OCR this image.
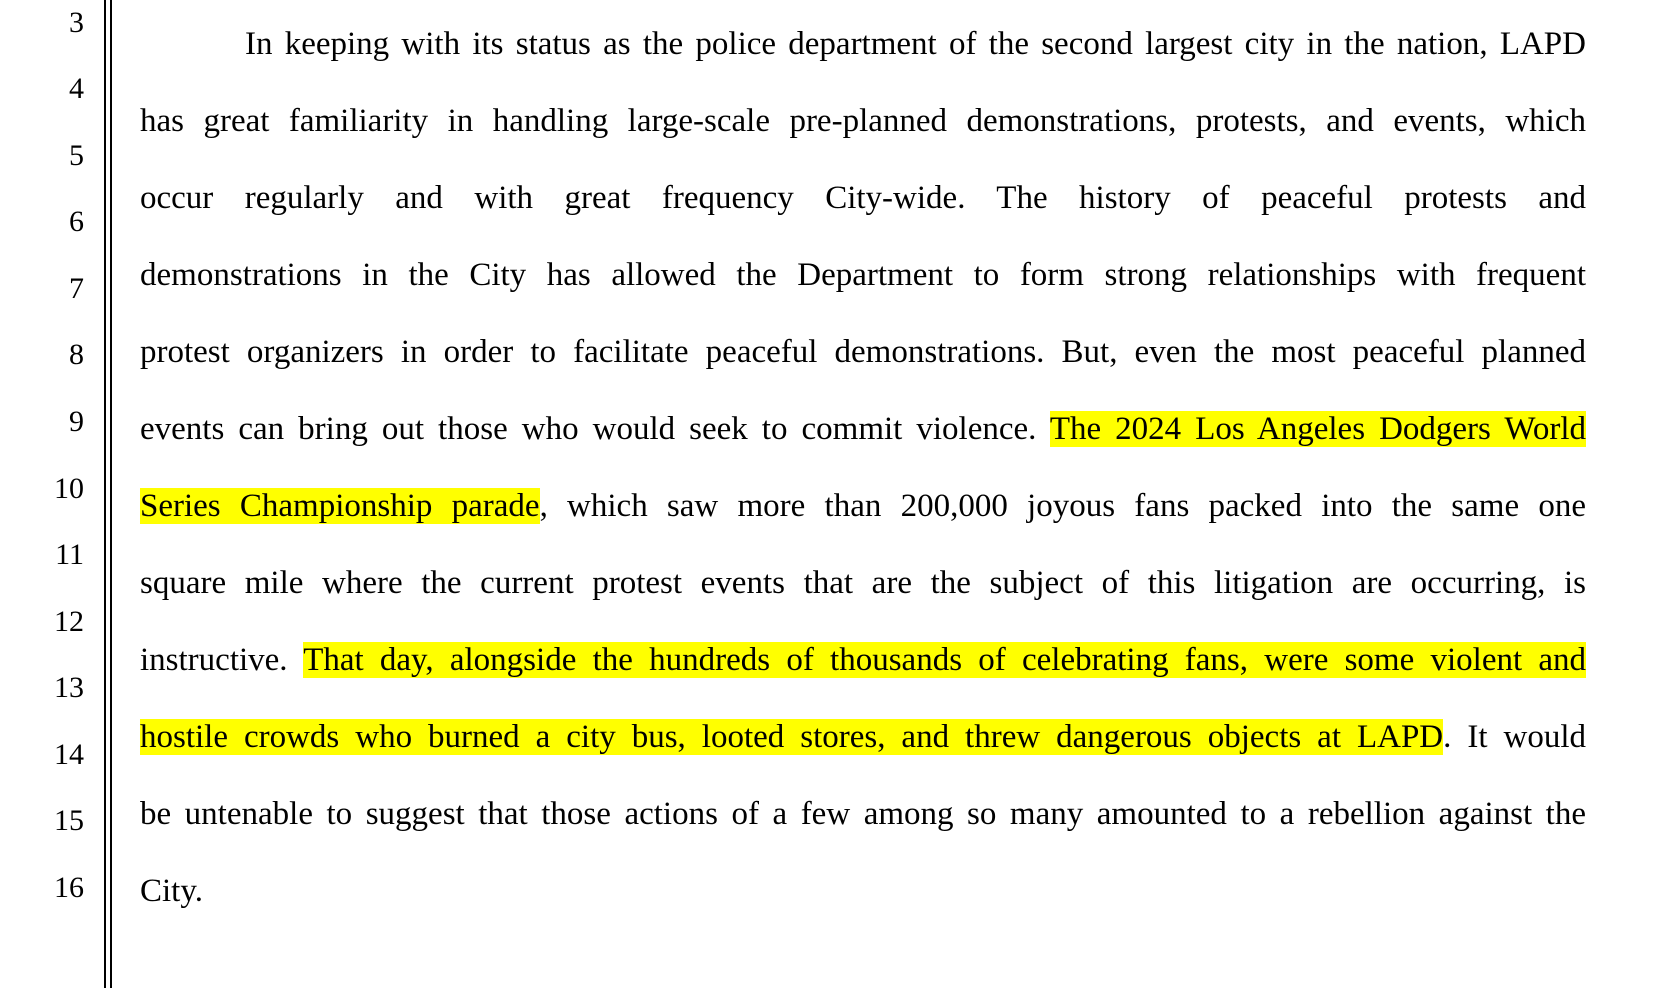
3
4
5
6
7
8
9
10
11
12
13
14
15
16
In keeping with its status as the police department of the second largest city in the nation, LAPD
has great familiarity in handling large-scale pre-planned demonstrations, protests, and events, which
occur regularly and with great frequency City-wide. The history of peaceful protests and
demonstrations in the City has allowed the Department to form strong relationships with frequent
protest organizers in order to facilitate peaceful demonstrations. But, even the most peaceful planned
events can bring out those who would seek to commit violence. The 2024 Los Angeles Dodgers World
Series Championship parade, which saw more than 200,000 joyous fans packed into the same one
square mile where the current protest events that are the subject of this litigation are occurring, is
instructive. That day, alongside the hundreds of thousands of celebrating fans, were some violent and
hostile crowds who burned a city bus, looted stores, and threw dangerous objects at LAPD. It would
be untenable to suggest that those actions of a few among so many amounted to a rebellion against the
City.
